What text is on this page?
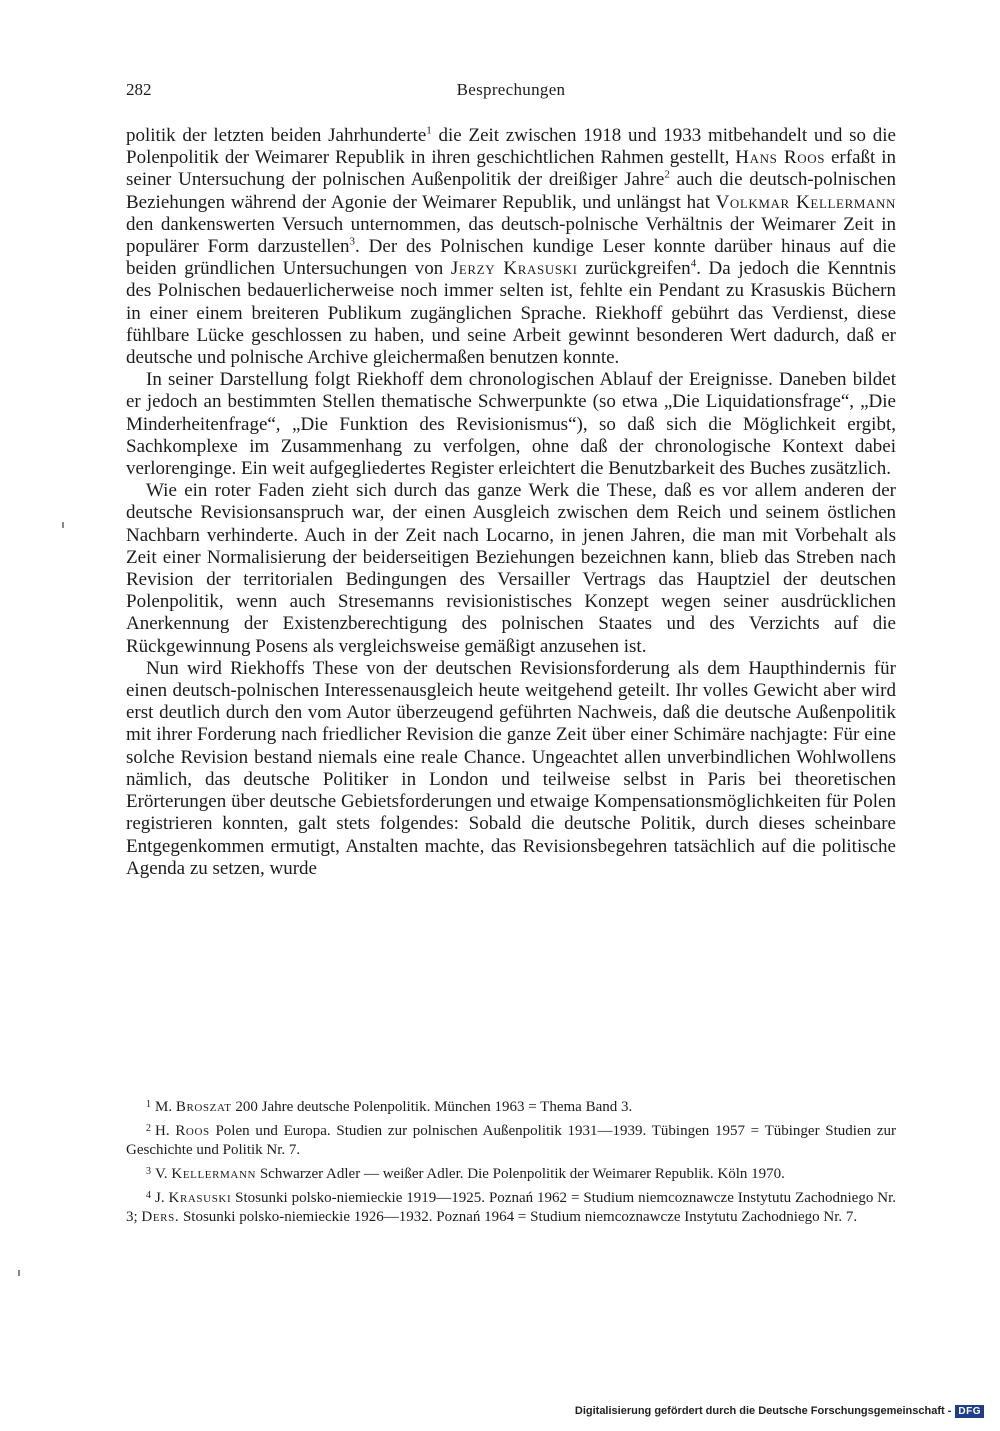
282	Besprechungen

politik der letzten beiden Jahrhunderte$^1$ die Zeit zwischen 1918 und 1933 mitbehandelt und so die Polenpolitik der Weimarer Republik in ihren geschichtlichen Rahmen gestellt, Hans Roos erfaßt in seiner Untersuchung der polnischen Außenpolitik der dreißiger Jahre$^2$ auch die deutsch-polnischen Beziehungen während der Agonie der Weimarer Republik, und unlängst hat Volkmar Kellermann den dankenswerten Versuch unternommen, das deutsch-polnische Verhältnis der Weimarer Zeit in populärer Form darzustellen$^3$. Der des Polnischen kundige Leser konnte darüber hinaus auf die beiden gründlichen Untersuchungen von Jerzy Krasuski zurückgreifen$^4$. Da jedoch die Kenntnis des Polnischen bedauerlicherweise noch immer selten ist, fehlte ein Pendant zu Krasuskis Büchern in einer einem breiteren Publikum zugänglichen Sprache. Riekhoff gebührt das Verdienst, diese fühlbare Lücke geschlossen zu haben, und seine Arbeit gewinnt besonderen Wert dadurch, daß er deutsche und polnische Archive gleichermaßen benutzen konnte.

In seiner Darstellung folgt Riekhoff dem chronologischen Ablauf der Ereignisse. Daneben bildet er jedoch an bestimmten Stellen thematische Schwerpunkte (so etwa „Die Liquidationsfrage“, „Die Minderheitenfrage“, „Die Funktion des Revisionismus“), so daß sich die Möglichkeit ergibt, Sachkomplexe im Zusammenhang zu verfolgen, ohne daß der chronologische Kontext dabei verlorenginge. Ein weit aufgegliedertes Register erleichtert die Benutzbarkeit des Buches zusätzlich.

Wie ein roter Faden zieht sich durch das ganze Werk die These, daß es vor allem anderen der deutsche Revisionsanspruch war, der einen Ausgleich zwischen dem Reich und seinem östlichen Nachbarn verhinderte. Auch in der Zeit nach Locarno, in jenen Jahren, die man mit Vorbehalt als Zeit einer Normalisierung der beiderseitigen Beziehungen bezeichnen kann, blieb das Streben nach Revision der territorialen Bedingungen des Versailler Vertrags das Hauptziel der deutschen Polenpolitik, wenn auch Stresemanns revisionistisches Konzept wegen seiner ausdrücklichen Anerkennung der Existenzberechtigung des polnischen Staates und des Verzichts auf die Rückgewinnung Posens als vergleichsweise gemäßigt anzusehen ist.

Nun wird Riekhoffs These von der deutschen Revisionsforderung als dem Haupthindernis für einen deutsch-polnischen Interessenausgleich heute weitgehend geteilt. Ihr volles Gewicht aber wird erst deutlich durch den vom Autor überzeugend geführten Nachweis, daß die deutsche Außenpolitik mit ihrer Forderung nach friedlicher Revision die ganze Zeit über einer Schimäre nachjagte: Für eine solche Revision bestand niemals eine reale Chance. Ungeachtet allen unverbindlichen Wohlwollens nämlich, das deutsche Politiker in London und teilweise selbst in Paris bei theoretischen Erörterungen über deutsche Gebietsforderungen und etwaige Kompensationsmöglichkeiten für Polen registrieren konnten, galt stets folgendes: Sobald die deutsche Politik, durch dieses scheinbare Entgegenkommen ermutigt, Anstalten machte, das Revisionsbegehren tatsächlich auf die politische Agenda zu setzen, wurde

$^1$ M. Broszat 200 Jahre deutsche Polenpolitik. München 1963 = Thema Band 3.

$^2$ H. Roos Polen und Europa. Studien zur polnischen Außenpolitik 1931—1939. Tübingen 1957 = Tübinger Studien zur Geschichte und Politik Nr. 7.

$^3$ V. Kellermann Schwarzer Adler — weißer Adler. Die Polenpolitik der Weimarer Republik. Köln 1970.

$^4$ J. Krasuski Stosunki polsko-niemieckie 1919—1925. Poznań 1962 = Studium niemcoznawcze Instytutu Zachodniego Nr. 3; Ders. Stosunki polsko-niemieckie 1926—1932. Poznań 1964 = Studium niemcoznawcze Instytutu Zachodniego Nr. 7.

Digitalisierung gefördert durch die Deutsche Forschungsgemeinschaft - DFG
